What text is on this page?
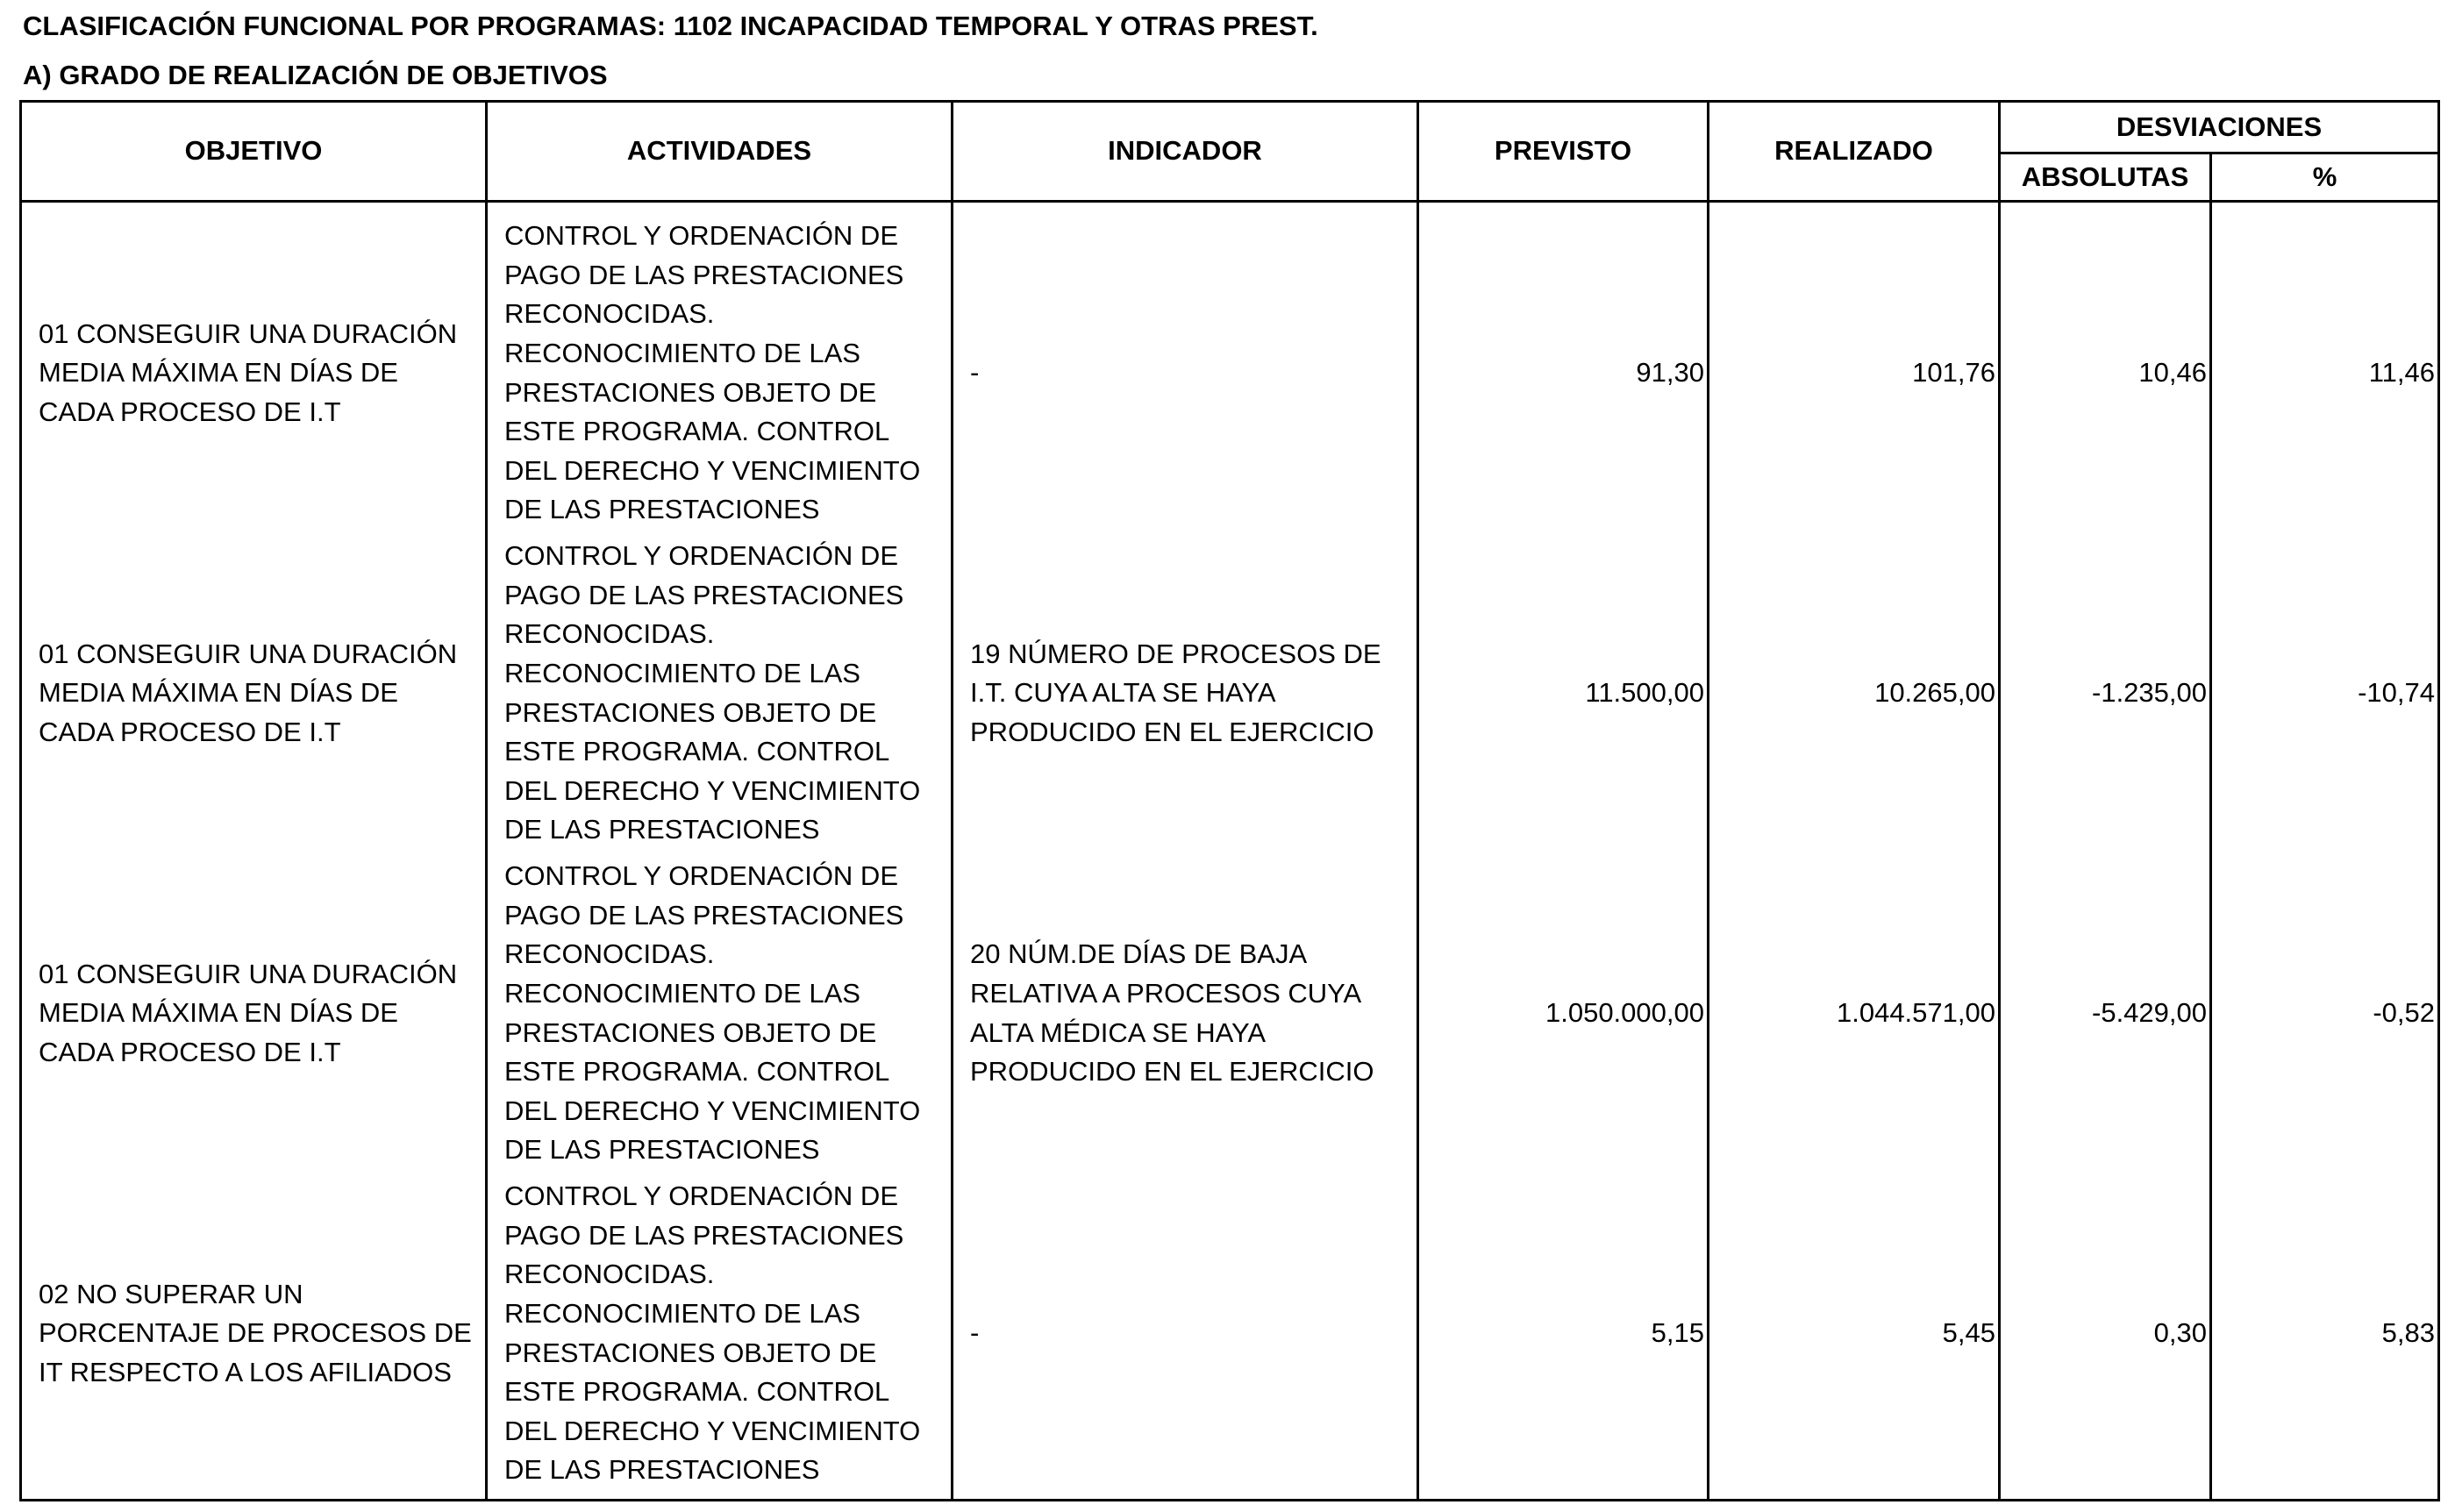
CLASIFICACIÓN FUNCIONAL POR PROGRAMAS: 1102 INCAPACIDAD TEMPORAL Y OTRAS PREST.
A) GRADO DE REALIZACIÓN DE OBJETIVOS
OBJETIVO	ACTIVIDADES	INDICADOR	PREVISTO	REALIZADO	DESVIACIONES	
					ABSOLUTAS	%
01 CONSEGUIR UNA DURACIÓN MEDIA MÁXIMA EN DÍAS DE CADA PROCESO DE I.T	CONTROL Y ORDENACIÓN DE PAGO DE LAS PRESTACIONES RECONOCIDAS. RECONOCIMIENTO DE LAS PRESTACIONES OBJETO DE ESTE PROGRAMA. CONTROL DEL DERECHO Y VENCIMIENTO DE LAS PRESTACIONES	-	91,30	101,76	10,46	11,46
01 CONSEGUIR UNA DURACIÓN MEDIA MÁXIMA EN DÍAS DE CADA PROCESO DE I.T	CONTROL Y ORDENACIÓN DE PAGO DE LAS PRESTACIONES RECONOCIDAS. RECONOCIMIENTO DE LAS PRESTACIONES OBJETO DE ESTE PROGRAMA. CONTROL DEL DERECHO Y VENCIMIENTO DE LAS PRESTACIONES	19 NÚMERO DE PROCESOS DE I.T. CUYA ALTA SE HAYA PRODUCIDO EN EL EJERCICIO	11.500,00	10.265,00	-1.235,00	-10,74
01 CONSEGUIR UNA DURACIÓN MEDIA MÁXIMA EN DÍAS DE CADA PROCESO DE I.T	CONTROL Y ORDENACIÓN DE PAGO DE LAS PRESTACIONES RECONOCIDAS. RECONOCIMIENTO DE LAS PRESTACIONES OBJETO DE ESTE PROGRAMA. CONTROL DEL DERECHO Y VENCIMIENTO DE LAS PRESTACIONES	20 NÚM.DE DÍAS DE BAJA RELATIVA A PROCESOS CUYA ALTA MÉDICA SE HAYA PRODUCIDO EN EL EJERCICIO	1.050.000,00	1.044.571,00	-5.429,00	-0,52
02 NO SUPERAR UN PORCENTAJE DE PROCESOS DE IT RESPECTO A LOS AFILIADOS	CONTROL Y ORDENACIÓN DE PAGO DE LAS PRESTACIONES RECONOCIDAS. RECONOCIMIENTO DE LAS PRESTACIONES OBJETO DE ESTE PROGRAMA. CONTROL DEL DERECHO Y VENCIMIENTO DE LAS PRESTACIONES	-	5,15	5,45	0,30	5,83
